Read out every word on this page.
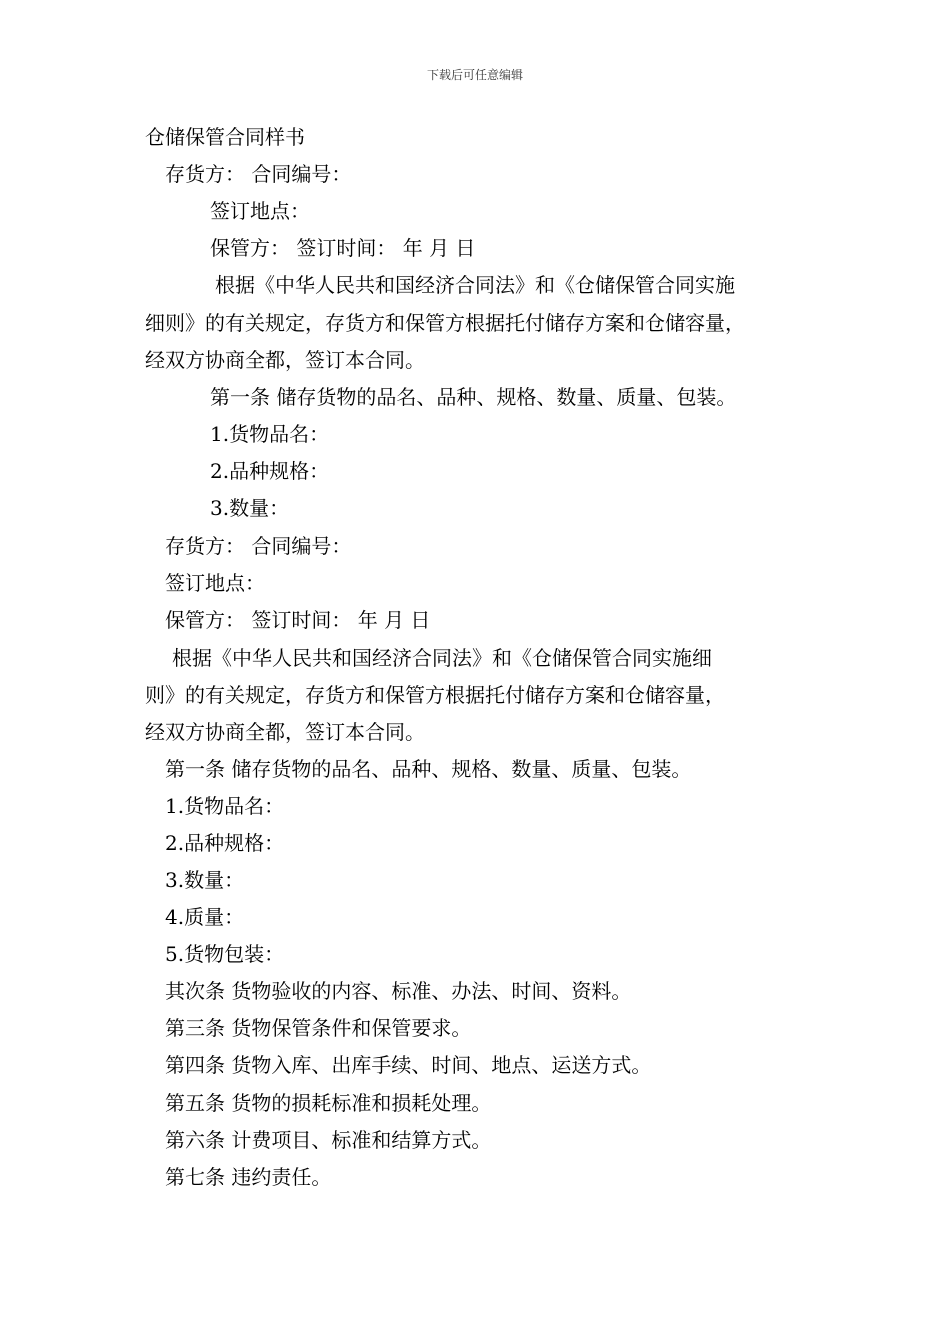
下载后可任意编辑
仓储保管合同样书
存货方： 合同编号：
签订地点：
保管方： 签订时间： 年 月 日
根据《中华人民共和国经济合同法》和《仓储保管合同实施
细则》的有关规定，存货方和保管方根据托付储存方案和仓储容量，
经双方协商全都，签订本合同。
第一条 储存货物的品名、品种、规格、数量、质量、包装。
1.货物品名：
2.品种规格：
3.数量：
存货方： 合同编号：
签订地点：
保管方： 签订时间： 年 月 日
根据《中华人民共和国经济合同法》和《仓储保管合同实施细
则》的有关规定，存货方和保管方根据托付储存方案和仓储容量，
经双方协商全都，签订本合同。
第一条 储存货物的品名、品种、规格、数量、质量、包装。
1.货物品名：
2.品种规格：
3.数量：
4.质量：
5.货物包装：
其次条 货物验收的内容、标准、办法、时间、资料。
第三条 货物保管条件和保管要求。
第四条 货物入库、出库手续、时间、地点、运送方式。
第五条 货物的损耗标准和损耗处理。
第六条 计费项目、标准和结算方式。
第七条 违约责任。
